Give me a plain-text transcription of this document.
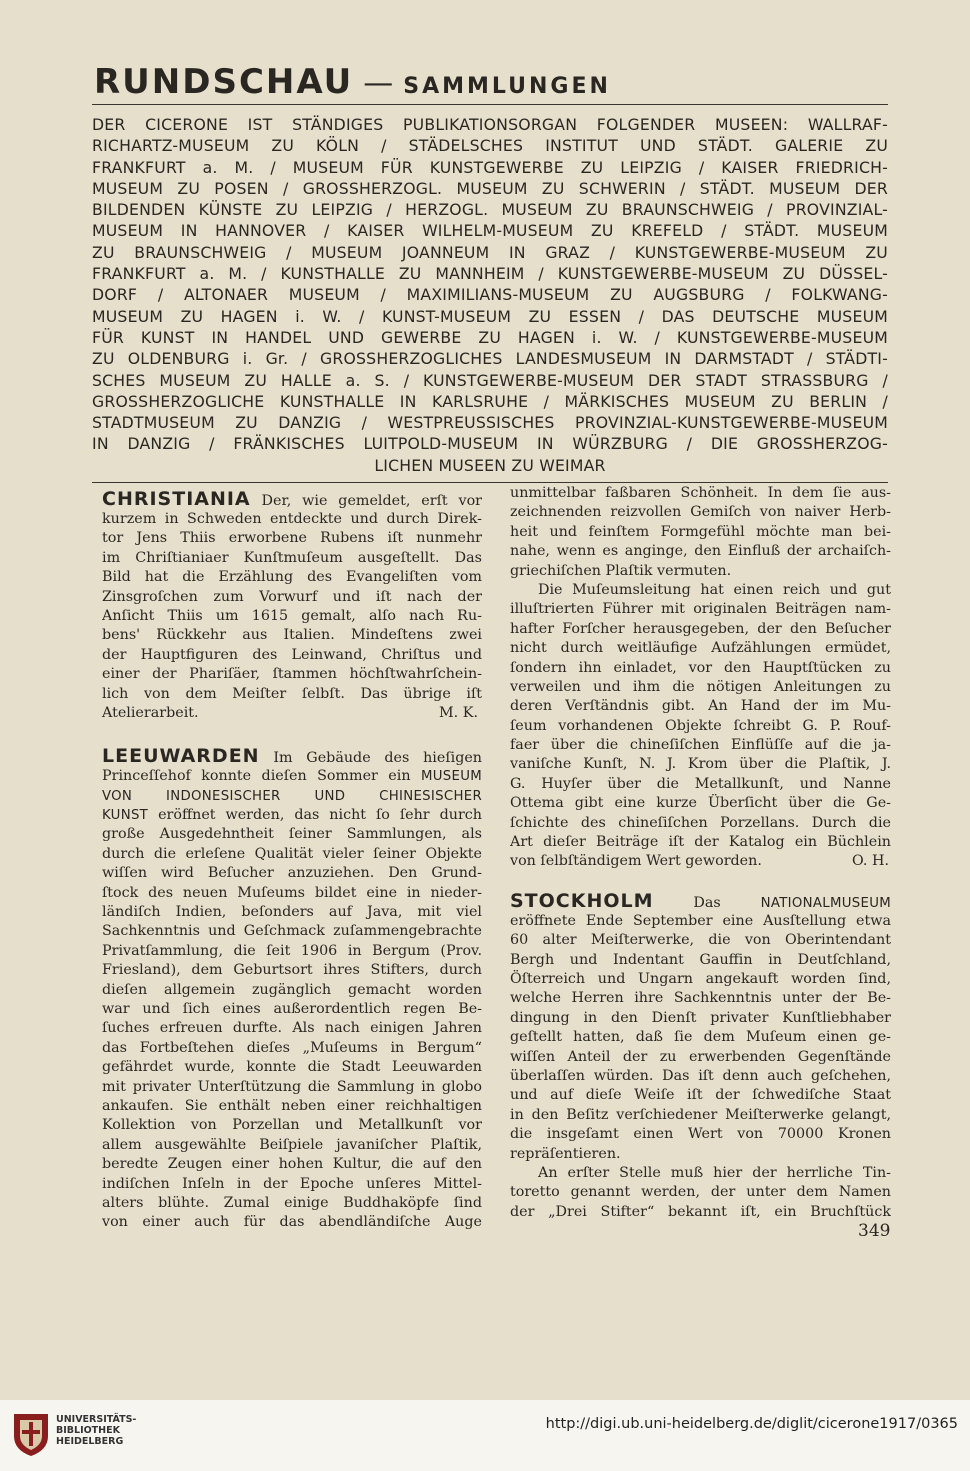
RUNDSCHAU — SAMMLUNGEN
DER CICERONE IST STÄNDIGES PUBLIKATIONSORGAN FOLGENDER MUSEEN: WALLRAF-
RICHARTZ-MUSEUM ZU KÖLN / STÄDELSCHES INSTITUT UND STÄDT. GALERIE ZU
FRANKFURT a. M. / MUSEUM FÜR KUNSTGEWERBE ZU LEIPZIG / KAISER FRIEDRICH-
MUSEUM ZU POSEN / GROSSHERZOGL. MUSEUM ZU SCHWERIN / STÄDT. MUSEUM DER
BILDENDEN KÜNSTE ZU LEIPZIG / HERZOGL. MUSEUM ZU BRAUNSCHWEIG / PROVINZIAL-
MUSEUM IN HANNOVER / KAISER WILHELM-MUSEUM ZU KREFELD / STÄDT. MUSEUM
ZU BRAUNSCHWEIG / MUSEUM JOANNEUM IN GRAZ / KUNSTGEWERBE-MUSEUM ZU
FRANKFURT a. M. / KUNSTHALLE ZU MANNHEIM / KUNSTGEWERBE-MUSEUM ZU DÜSSEL-
DORF / ALTONAER MUSEUM / MAXIMILIANS-MUSEUM ZU AUGSBURG / FOLKWANG-
MUSEUM ZU HAGEN i. W. / KUNST-MUSEUM ZU ESSEN / DAS DEUTSCHE MUSEUM
FÜR KUNST IN HANDEL UND GEWERBE ZU HAGEN i. W. / KUNSTGEWERBE-MUSEUM
ZU OLDENBURG i. Gr. / GROSSHERZOGLICHES LANDESMUSEUM IN DARMSTADT / STÄDTI-
SCHES MUSEUM ZU HALLE a. S. / KUNSTGEWERBE-MUSEUM DER STADT STRASSBURG /
GROSSHERZOGLICHE KUNSTHALLE IN KARLSRUHE / MÄRKISCHES MUSEUM ZU BERLIN /
STADTMUSEUM ZU DANZIG / WESTPREUSSISCHES PROVINZIAL-KUNSTGEWERBE-MUSEUM
IN DANZIG / FRÄNKISCHES LUITPOLD-MUSEUM IN WÜRZBURG / DIE GROSSHERZOG-
LICHEN MUSEEN ZU WEIMAR
CHRISTIANIA Der, wie gemeldet, erſt vor
kurzem in Schweden entdeckte und durch Direk-
tor Jens Thiis erworbene Rubens iſt nunmehr
im Chriſtianiaer Kunſtmuſeum ausgeſtellt. Das
Bild hat die Erzählung des Evangeliſten vom
Zinsgroſchen zum Vorwurf und iſt nach der
Anſicht Thiis um 1615 gemalt, alſo nach Ru-
bens' Rückkehr aus Italien. Mindeſtens zwei
der Hauptfiguren des Leinwand, Chriſtus und
einer der Phariſäer, ſtammen höchſtwahrſchein-
lich von dem Meiſter ſelbſt. Das übrige iſt
Atelierarbeit.	M. K.
LEEUWARDEN Im Gebäude des hieſigen
Princeſſehof konnte dieſen Sommer ein MUSEUM
VON INDONESISCHER UND CHINESISCHER
KUNST eröffnet werden, das nicht ſo ſehr durch
große Ausgedehntheit ſeiner Sammlungen, als
durch die erleſene Qualität vieler ſeiner Objekte
wiſſen wird Beſucher anzuziehen. Den Grund-
ſtock des neuen Muſeums bildet eine in nieder-
ländiſch Indien, beſonders auf Java, mit viel
Sachkenntnis und Geſchmack zuſammengebrachte
Privatſammlung, die ſeit 1906 in Bergum (Prov.
Friesland), dem Geburtsort ihres Stifters, durch
dieſen allgemein zugänglich gemacht worden
war und ſich eines außerordentlich regen Be-
ſuches erfreuen durfte. Als nach einigen Jahren
das Fortbeſtehen dieſes „Muſeums in Bergum“
gefährdet wurde, konnte die Stadt Leeuwarden
mit privater Unterſtützung die Sammlung in globo
ankaufen. Sie enthält neben einer reichhaltigen
Kollektion von Porzellan und Metallkunſt vor
allem ausgewählte Beiſpiele javaniſcher Plaſtik,
beredte Zeugen einer hohen Kultur, die auf den
indiſchen Inſeln in der Epoche unſeres Mittel-
alters blühte. Zumal einige Buddhaköpfe ſind
von einer auch für das abendländiſche Auge
unmittelbar faßbaren Schönheit. In dem ſie aus-
zeichnenden reizvollen Gemiſch von naiver Herb-
heit und feinſtem Formgefühl möchte man bei-
nahe, wenn es anginge, den Einfluß der archaiſch-
griechiſchen Plaſtik vermuten.
Die Muſeumsleitung hat einen reich und gut
illuſtrierten Führer mit originalen Beiträgen nam-
hafter Forſcher herausgegeben, der den Beſucher
nicht durch weitläufige Aufzählungen ermüdet,
ſondern ihn einladet, vor den Hauptſtücken zu
verweilen und ihm die nötigen Anleitungen zu
deren Verſtändnis gibt. An Hand der im Mu-
ſeum vorhandenen Objekte ſchreibt G. P. Rouf-
faer über die chineſiſchen Einflüſſe auf die ja-
vaniſche Kunſt, N. J. Krom über die Plaſtik, J.
G. Huyſer über die Metallkunſt, und Nanne
Ottema gibt eine kurze Überſicht über die Ge-
ſchichte des chineſiſchen Porzellans. Durch die
Art dieſer Beiträge iſt der Katalog ein Büchlein
von ſelbſtändigem Wert geworden.	O. H.
STOCKHOLM	Das	NATIONALMUSEUM
eröffnete Ende September eine Ausſtellung etwa
60 alter Meiſterwerke, die von Oberintendant
Bergh und Indentant Gauffin in Deutſchland,
Öſterreich und Ungarn angekauft worden ſind,
welche Herren ihre Sachkenntnis unter der Be-
dingung in den Dienſt privater Kunſtliebhaber
geſtellt hatten, daß ſie dem Muſeum einen ge-
wiſſen Anteil der zu erwerbenden Gegenſtände
überlaſſen würden. Das iſt denn auch geſchehen,
und auf dieſe Weiſe iſt der ſchwediſche Staat
in den Beſitz verſchiedener Meiſterwerke gelangt,
die insgeſamt einen Wert von 70000 Kronen
repräſentieren.
An erſter Stelle muß hier der herrliche Tin-
toretto genannt werden, der unter dem Namen
der „Drei Stifter“ bekannt iſt, ein Bruchſtück
349
UNIVERSITÄTS-
BIBLIOTHEK
HEIDELBERG
http://digi.ub.uni-heidelberg.de/diglit/cicerone1917/0365
